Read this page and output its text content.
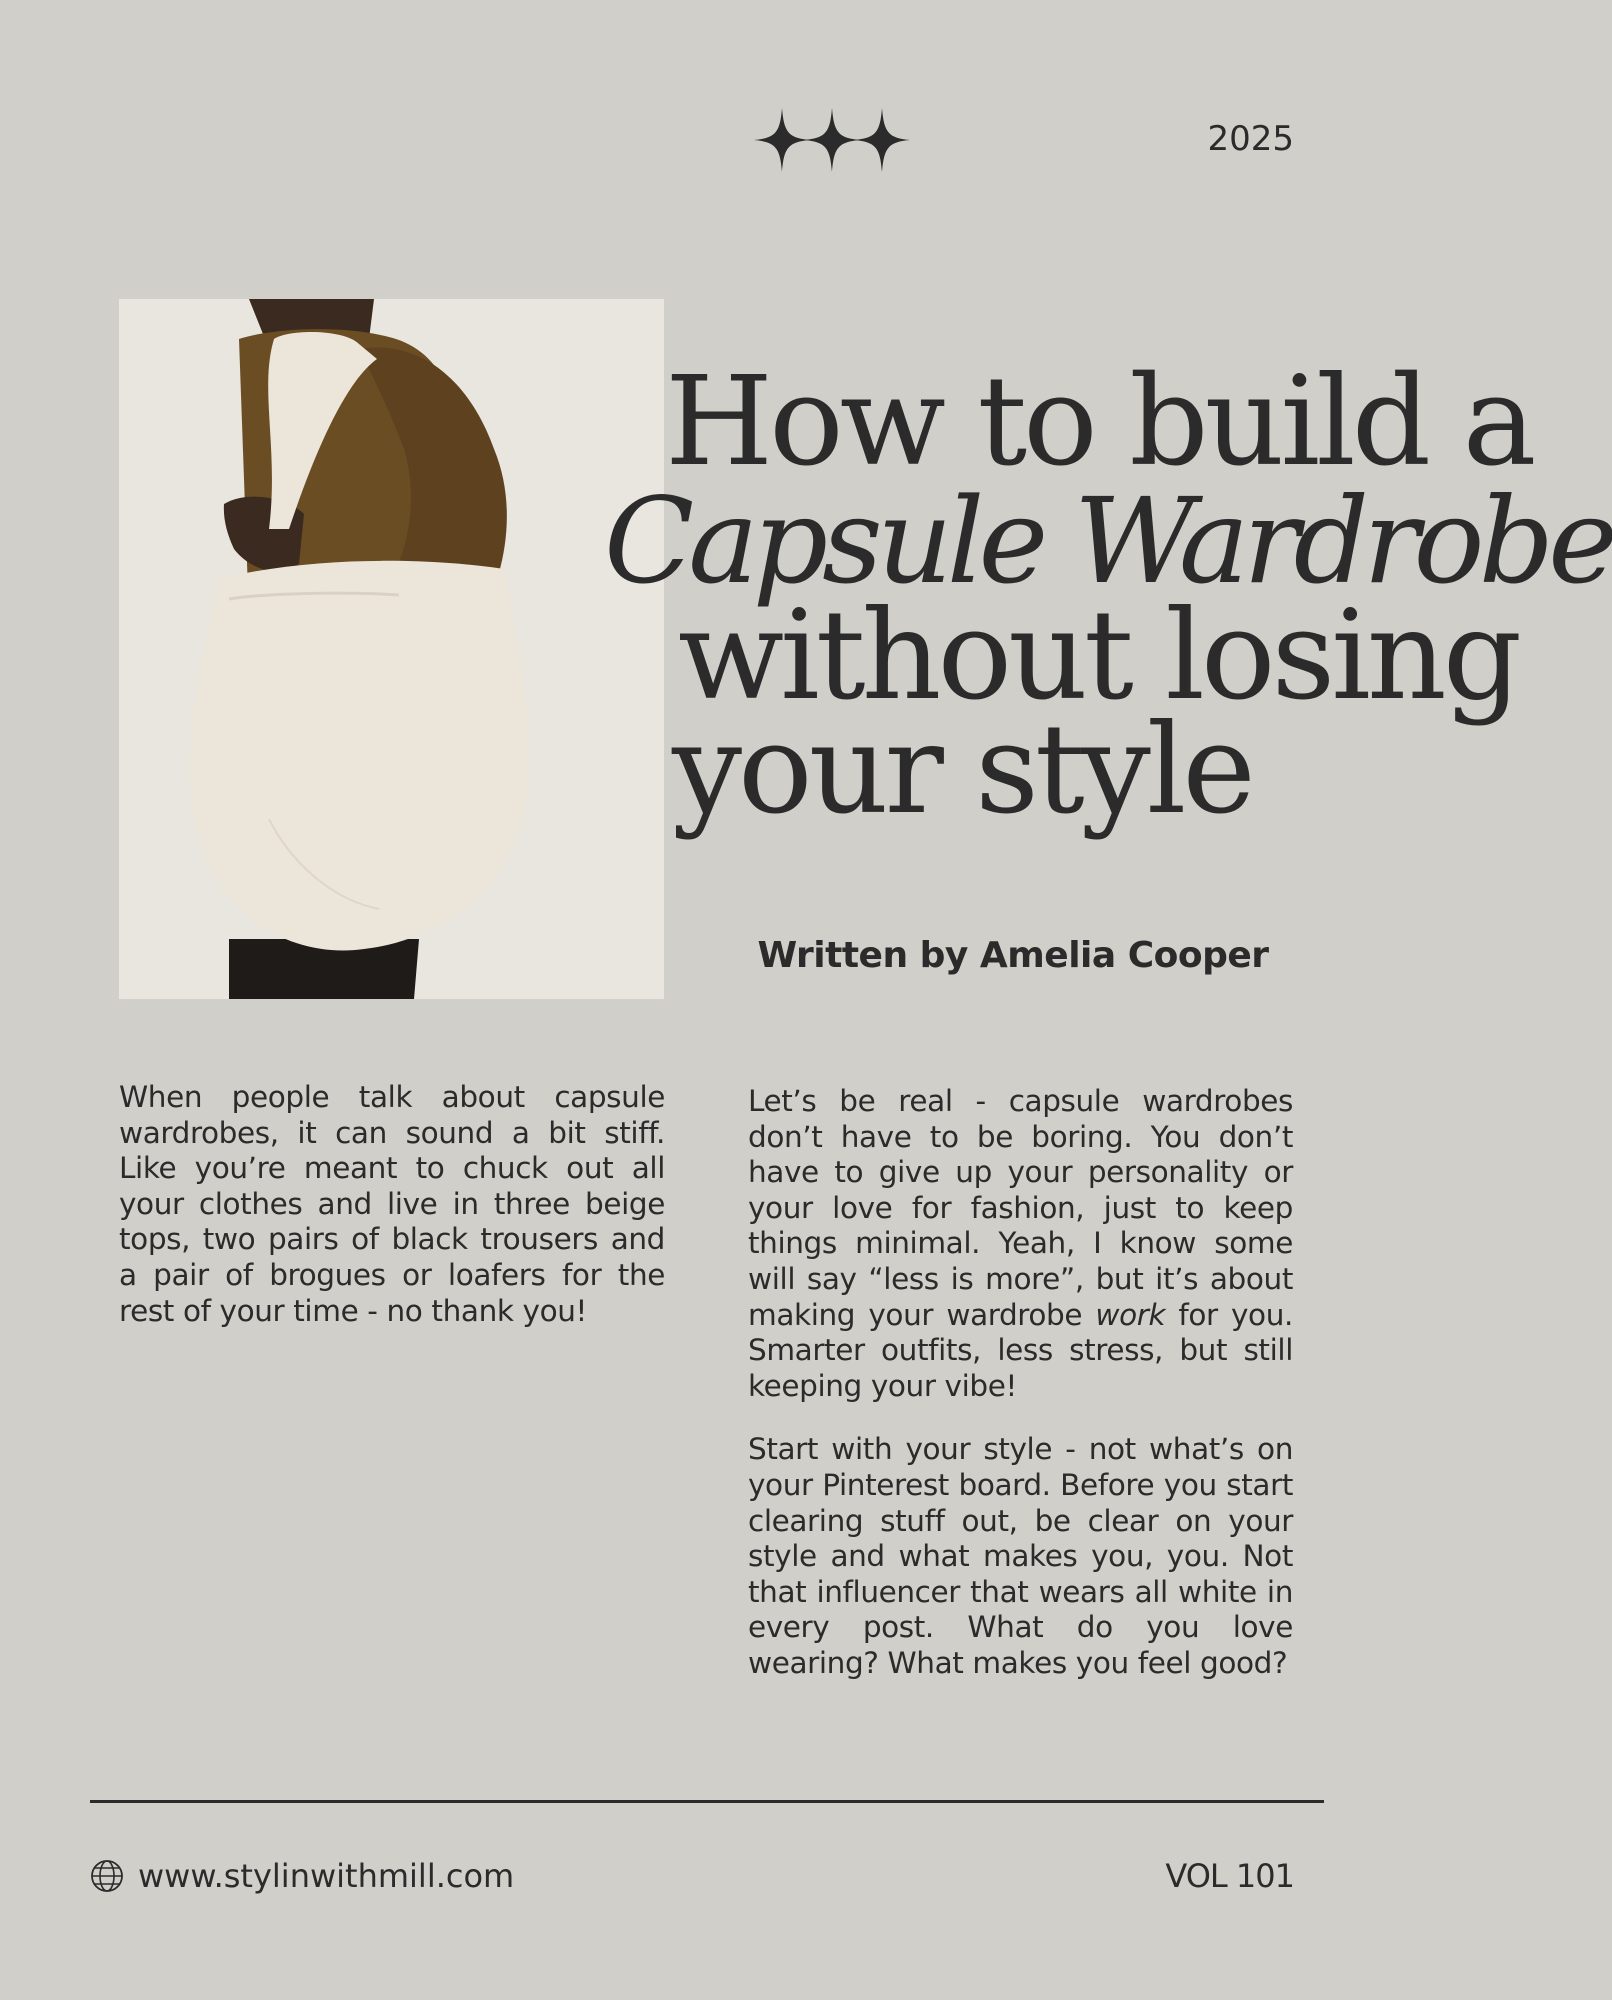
2025
How to build a
Capsule Wardrobe
without losing
your style
Written by Amelia Cooper

When people talk about capsule wardrobes, it can sound a bit stiff. Like you’re meant to chuck out all your clothes and live in three beige tops, two pairs of black trousers and a pair of brogues or loafers for the rest of your time - no thank you!

Let’s be real - capsule wardrobes don’t have to be boring. You don’t have to give up your personality or your love for fashion, just to keep things minimal. Yeah, I know some will say “less is more”, but it’s about making your wardrobe work for you. Smarter outfits, less stress, but still keeping your vibe!

Start with your style - not what’s on your Pinterest board. Before you start clearing stuff out, be clear on your style and what makes you, you. Not that influencer that wears all white in every post. What do you love wearing? What makes you feel good?

www.stylinwithmill.com	VOL 101
